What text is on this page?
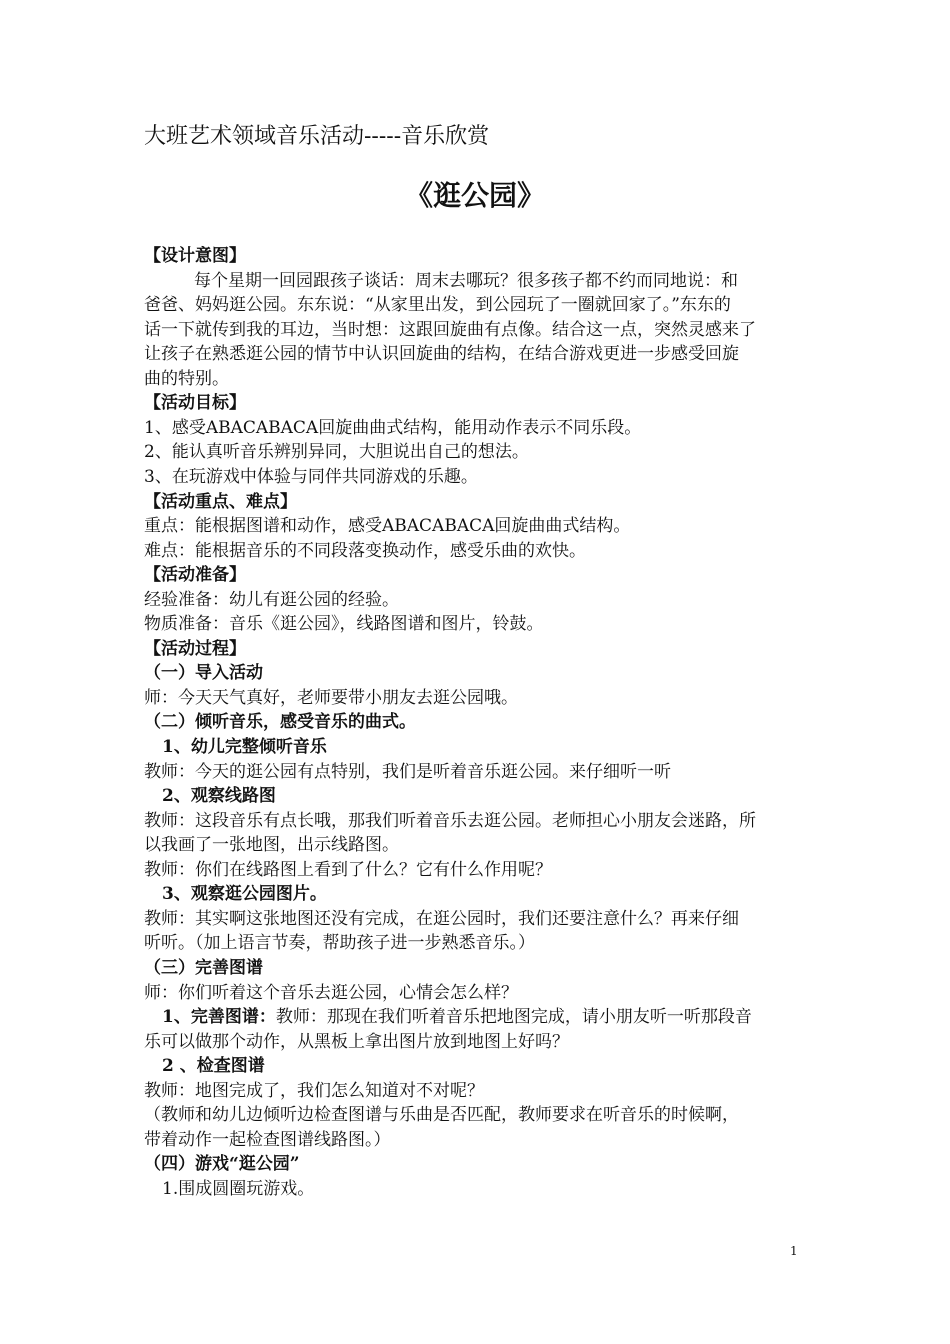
大班艺术领域音乐活动-----音乐欣赏
《逛公园》
【设计意图】
每个星期一回园跟孩子谈话：周末去哪玩？很多孩子都不约而同地说：和
爸爸、妈妈逛公园。东东说：“从家里出发，到公园玩了一圈就回家了。”东东的
话一下就传到我的耳边，当时想：这跟回旋曲有点像。结合这一点，突然灵感来了
让孩子在熟悉逛公园的情节中认识回旋曲的结构，在结合游戏更进一步感受回旋
曲的特别。
【活动目标】
1、感受ABACABACA回旋曲曲式结构，能用动作表示不同乐段。
2、能认真听音乐辨别异同，大胆说出自己的想法。
3、在玩游戏中体验与同伴共同游戏的乐趣。
【活动重点、难点】
重点：能根据图谱和动作，感受ABACABACA回旋曲曲式结构。
难点：能根据音乐的不同段落变换动作，感受乐曲的欢快。
【活动准备】
经验准备：幼儿有逛公园的经验。
物质准备：音乐《逛公园》，线路图谱和图片，铃鼓。
【活动过程】
（一）导入活动
师：今天天气真好，老师要带小朋友去逛公园哦。
（二）倾听音乐，感受音乐的曲式。
1、幼儿完整倾听音乐
教师：今天的逛公园有点特别，我们是听着音乐逛公园。来仔细听一听
2、观察线路图
教师：这段音乐有点长哦，那我们听着音乐去逛公园。老师担心小朋友会迷路，所
以我画了一张地图，出示线路图。
教师：你们在线路图上看到了什么？它有什么作用呢？
3、观察逛公园图片。
教师：其实啊这张地图还没有完成，在逛公园时，我们还要注意什么？再来仔细
听听。（加上语言节奏，帮助孩子进一步熟悉音乐。）
（三）完善图谱
师：你们听着这个音乐去逛公园，心情会怎么样？
1、完善图谱：教师：那现在我们听着音乐把地图完成，请小朋友听一听那段音
乐可以做那个动作，从黑板上拿出图片放到地图上好吗？
2 、检查图谱
教师：地图完成了，我们怎么知道对不对呢？
（教师和幼儿边倾听边检查图谱与乐曲是否匹配，教师要求在听音乐的时候啊，
带着动作一起检查图谱线路图。）
（四）游戏“逛公园”
1.围成圆圈玩游戏。
1
